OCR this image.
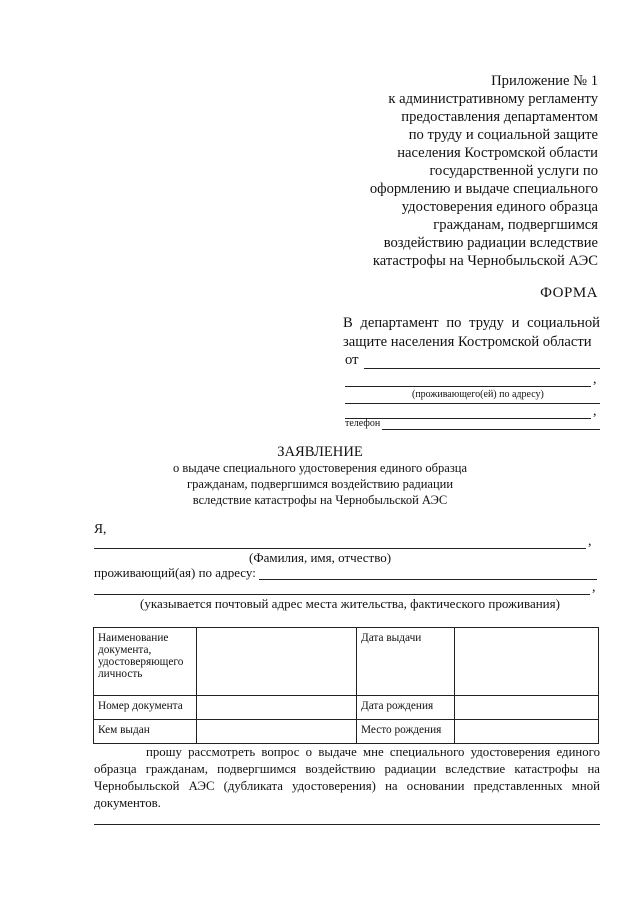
Приложение № 1
к административному регламенту
предоставления департаментом
по труду и социальной защите
населения Костромской области
государственной услуги по
оформлению и выдаче специального
удостоверения единого образца
гражданам, подвергшимся
воздействию радиации вследствие
катастрофы на Чернобыльской АЭС
ФОРМА
В департамент по труду и социальной
защите населения Костромской области
от
,
(проживающего(ей) по адресу)
,
телефон
ЗАЯВЛЕНИЕ
о выдаче специального удостоверения единого образца
гражданам, подвергшимся воздействию радиации
вследствие катастрофы на Чернобыльской АЭС
Я,
,
(Фамилия, имя, отчество)
проживающий(ая) по адресу:
,
(указывается почтовый адрес места жительства, фактического проживания)
Наименование документа, удостоверяющего личность		Дата выдачи	
Номер документа		Дата рождения	
Кем выдан		Место рождения	
прошу рассмотреть вопрос о выдаче мне специального удостоверения единого образца гражданам, подвергшимся воздействию радиации вследствие катастрофы на Чернобыльской АЭС (дубликата удостоверения) на основании представленных мной документов.
